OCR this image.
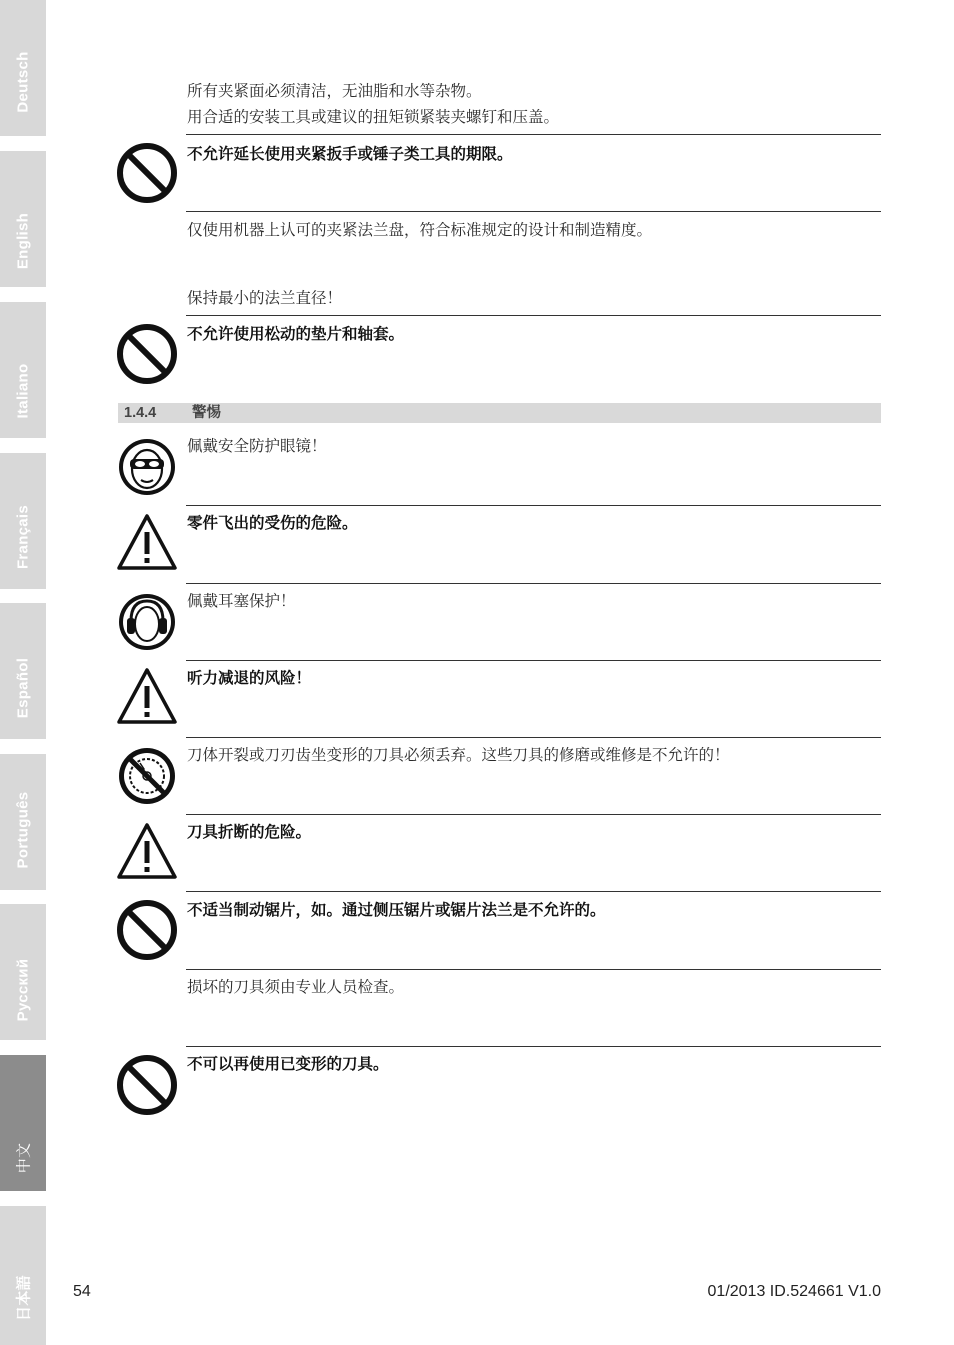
Deutsch
English
Italiano
Français
Español
Português
Русский
中文
日本語
所有夹紧面必须清洁，无油脂和水等杂物。
用合适的安装工具或建议的扭矩锁紧装夹螺钉和压盖。
不允许延长使用夹紧扳手或锤子类工具的期限。
仅使用机器上认可的夹紧法兰盘，符合标准规定的设计和制造精度。
保持最小的法兰直径！
不允许使用松动的垫片和轴套。
1.4.4 警惕
佩戴安全防护眼镜！
零件飞出的受伤的危险。
佩戴耳塞保护！
听力减退的风险！
刀体开裂或刀刃齿坐变形的刀具必须丢弃。这些刀具的修磨或维修是不允许的！
刀具折断的危险。
不适当制动锯片，如。通过侧压锯片或锯片法兰是不允许的。
损坏的刀具须由专业人员检查。
不可以再使用已变形的刀具。
54	01/2013 ID.524661 V1.0
